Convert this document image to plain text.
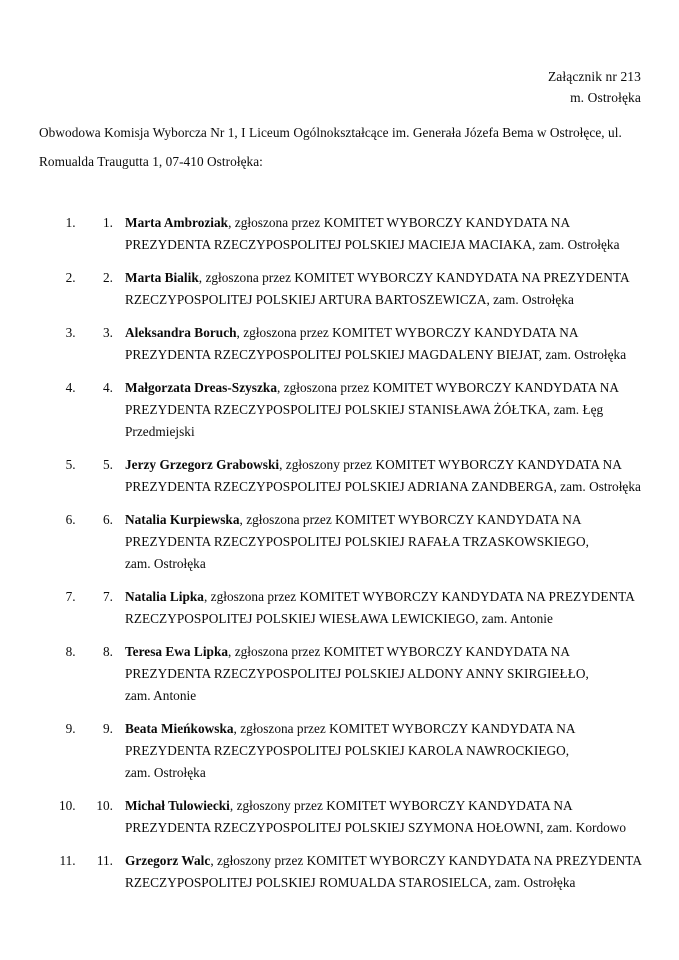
Załącznik nr 213
m. Ostrołęka
Obwodowa Komisja Wyborcza Nr 1, I Liceum Ogólnokształcące im. Generała Józefa Bema w Ostrołęce, ul.
Romualda Traugutta 1, 07-410 Ostrołęka:
1. 1. Marta Ambroziak, zgłoszona przez KOMITET WYBORCZY KANDYDATA NA
PREZYDENTA RZECZYPOSPOLITEJ POLSKIEJ MACIEJA MACIAKA, zam. Ostrołęka
2. 2. Marta Bialik, zgłoszona przez KOMITET WYBORCZY KANDYDATA NA PREZYDENTA
RZECZYPOSPOLITEJ POLSKIEJ ARTURA BARTOSZEWICZA, zam. Ostrołęka
3. 3. Aleksandra Boruch, zgłoszona przez KOMITET WYBORCZY KANDYDATA NA
PREZYDENTA RZECZYPOSPOLITEJ POLSKIEJ MAGDALENY BIEJAT, zam. Ostrołęka
4. 4. Małgorzata Dreas-Szyszka, zgłoszona przez KOMITET WYBORCZY KANDYDATA NA
PREZYDENTA RZECZYPOSPOLITEJ POLSKIEJ STANISŁAWA ŻÓŁTKA, zam. Łęg
Przedmiejski
5. 5. Jerzy Grzegorz Grabowski, zgłoszony przez KOMITET WYBORCZY KANDYDATA NA
PREZYDENTA RZECZYPOSPOLITEJ POLSKIEJ ADRIANA ZANDBERGA, zam. Ostrołęka
6. 6. Natalia Kurpiewska, zgłoszona przez KOMITET WYBORCZY KANDYDATA NA
PREZYDENTA RZECZYPOSPOLITEJ POLSKIEJ RAFAŁA TRZASKOWSKIEGO,
zam. Ostrołęka
7. 7. Natalia Lipka, zgłoszona przez KOMITET WYBORCZY KANDYDATA NA PREZYDENTA
RZECZYPOSPOLITEJ POLSKIEJ WIESŁAWA LEWICKIEGO, zam. Antonie
8. 8. Teresa Ewa Lipka, zgłoszona przez KOMITET WYBORCZY KANDYDATA NA
PREZYDENTA RZECZYPOSPOLITEJ POLSKIEJ ALDONY ANNY SKIRGIEŁŁO,
zam. Antonie
9. 9. Beata Mieńkowska, zgłoszona przez KOMITET WYBORCZY KANDYDATA NA
PREZYDENTA RZECZYPOSPOLITEJ POLSKIEJ KAROLA NAWROCKIEGO,
zam. Ostrołęka
10. 10. Michał Tulowiecki, zgłoszony przez KOMITET WYBORCZY KANDYDATA NA
PREZYDENTA RZECZYPOSPOLITEJ POLSKIEJ SZYMONA HOŁOWNI, zam. Kordowo
11. 11. Grzegorz Walc, zgłoszony przez KOMITET WYBORCZY KANDYDATA NA PREZYDENTA
RZECZYPOSPOLITEJ POLSKIEJ ROMUALDA STAROSIELCA, zam. Ostrołęka
